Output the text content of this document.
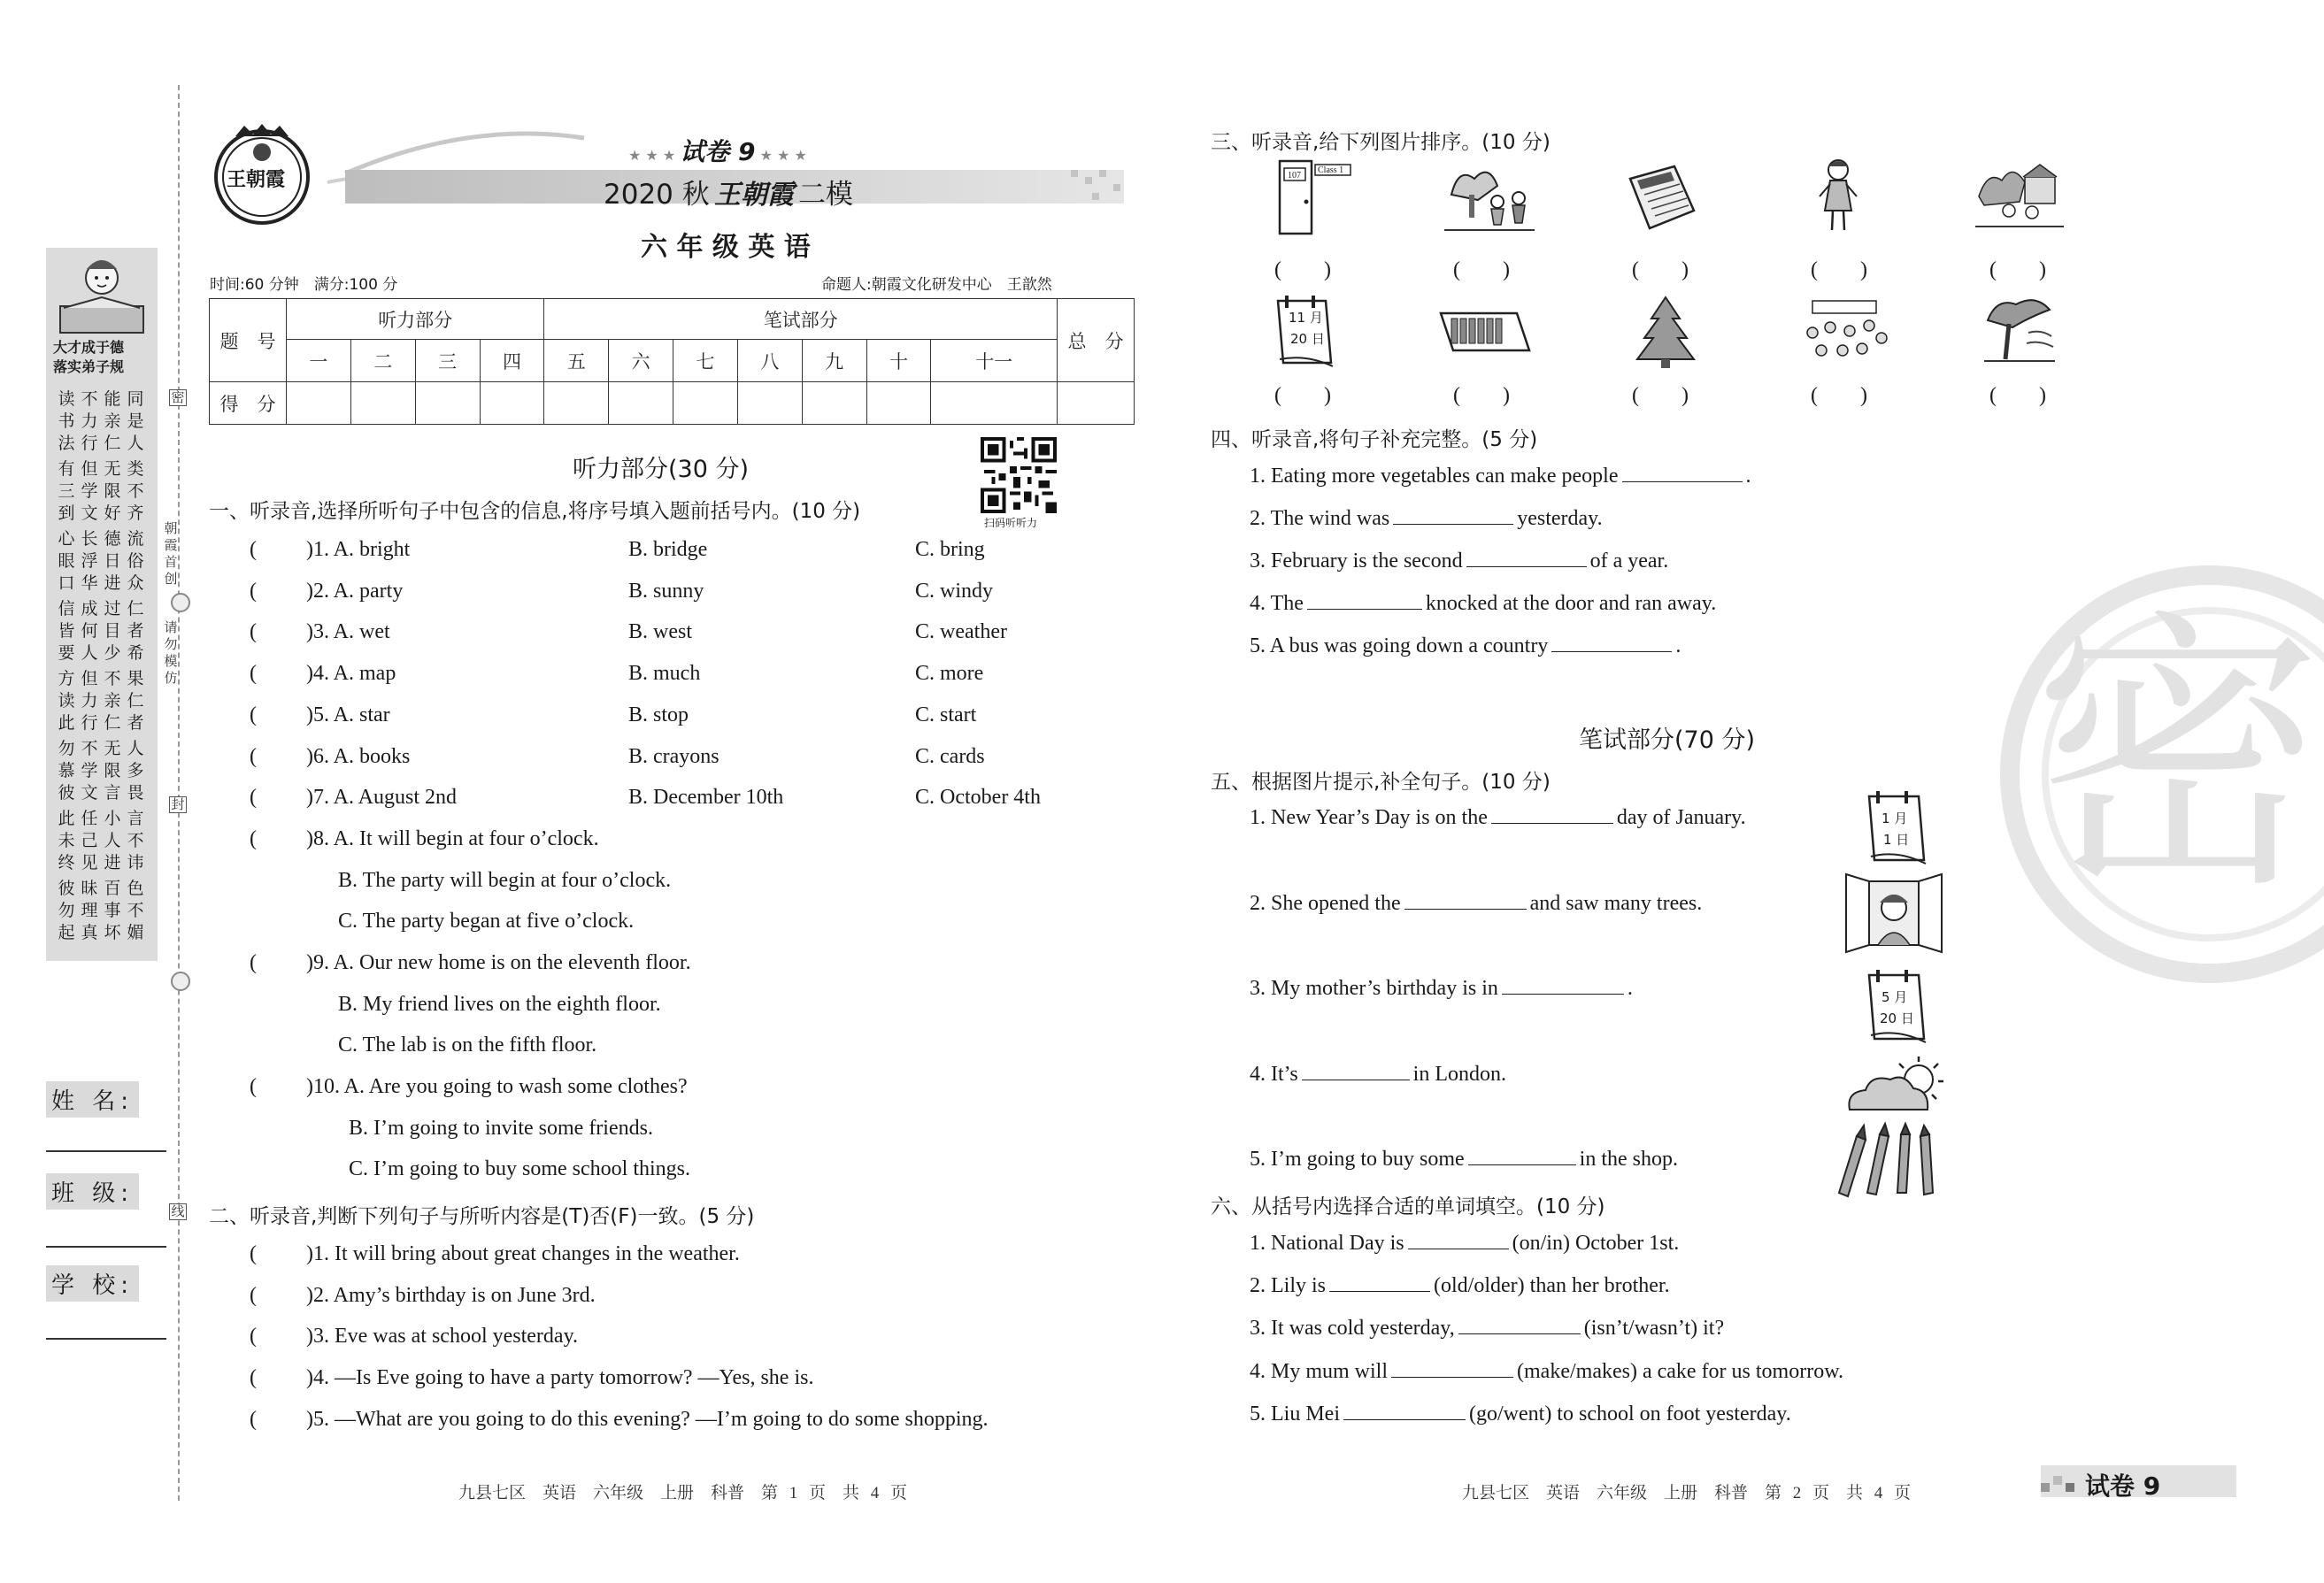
大才成于德
落实弟子规
读 不 能 同
书 力 亲 是
法 行 仁 人
有 但 无 类
三 学 限 不
到 文 好 齐
心 长 德 流
眼 浮 日 俗
口 华 进 众
信 成 过 仁
皆 何 目 者
要 人 少 希
方 但 不 果
读 力 亲 仁
此 行 仁 者
勿 不 无 人
慕 学 限 多
彼 文 言 畏
此 任 小 言
未 己 人 不
终 见 进 讳
彼 昧 百 色
勿 理 事 不
起 真 坏 媚
密
朝霞首创
请勿模仿
封
线
姓 名:
班 级:
学 校:
王朝霞
★ ★ ★ 试卷 9 ★ ★ ★
2020 秋 王朝霞 二模
六 年 级 英 语
时间:60 分钟　满分:100 分	命题人:朝霞文化研发中心　王歆然
题　号	听力部分				笔试部分							总　分
	一	二	三	四	五	六	七	八	九	十	十一	
得　分												
听力部分(30 分)
扫码听听力
一、听录音,选择所听句子中包含的信息,将序号填入题前括号内。(10 分)
( )1. A. bright	B. bridge	C. bring
( )2. A. party	B. sunny	C. windy
( )3. A. wet	B. west	C. weather
( )4. A. map	B. much	C. more
( )5. A. star	B. stop	C. start
( )6. A. books	B. crayons	C. cards
( )7. A. August 2nd	B. December 10th	C. October 4th
( )8. A. It will begin at four o’clock.
B. The party will begin at four o’clock.
C. The party began at five o’clock.
( )9. A. Our new home is on the eleventh floor.
B. My friend lives on the eighth floor.
C. The lab is on the fifth floor.
( )10. A. Are you going to wash some clothes?
B. I’m going to invite some friends.
C. I’m going to buy some school things.
二、听录音,判断下列句子与所听内容是(T)否(F)一致。(5 分)
( )1. It will bring about great changes in the weather.
( )2. Amy’s birthday is on June 3rd.
( )3. Eve was at school yesterday.
( )4. —Is Eve going to have a party tomorrow? —Yes, she is.
( )5. —What are you going to do this evening? —I’m going to do some shopping.
三、听录音,给下列图片排序。(10 分)
107
Class 1
(　　)	(　　)	(　　)	(　　)	(　　)
11 月
20 日
(　　)	(　　)	(　　)	(　　)	(　　)
四、听录音,将句子补充完整。(5 分)
1. Eating more vegetables can make people	.
2. The wind was	yesterday.
3. February is the second	of a year.
4. The	knocked at the door and ran away.
5. A bus was going down a country	. 密
笔试部分(70 分)
五、根据图片提示,补全句子。(10 分)
1. New Year’s Day is on the	day of January.
2. She opened the	and saw many trees.
3. My mother’s birthday is in	.
4. It’s	in London.
5. I’m going to buy some	in the shop.
1 月
1 日
5 月
20 日
六、从括号内选择合适的单词填空。(10 分)
1. National Day is	(on/in) October 1st.
2. Lily is	(old/older) than her brother.
3. It was cold yesterday,	(isn’t/wasn’t) it?
4. My mum will	(make/makes) a cake for us tomorrow.
5. Liu Mei	(go/went) to school on foot yesterday.
九县七区　英语　六年级　上册　科普　第 1 页　共 4 页	九县七区　英语　六年级　上册　科普　第 2 页　共 4 页	试卷 9
